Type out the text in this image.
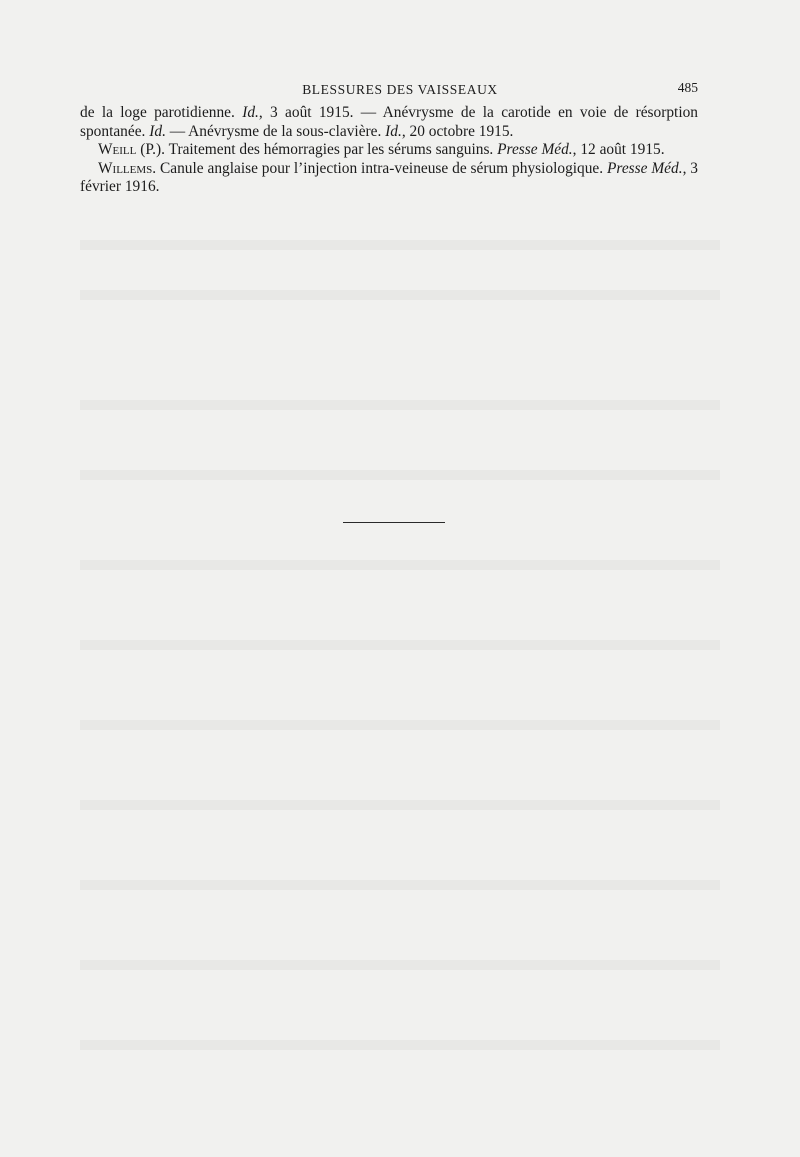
BLESSURES DES VAISSEAUX	485

de la loge parotidienne. Id., 3 août 1915. — Anévrysme de la carotide en voie de résorption spontanée. Id. — Anévrysme de la sous-clavière. Id., 20 octobre 1915.

Weill (P.). Traitement des hémorragies par les sérums sanguins. Presse Méd., 12 août 1915.

Willems. Canule anglaise pour l’injection intra-veineuse de sérum physiologique. Presse Méd., 3 février 1916.
